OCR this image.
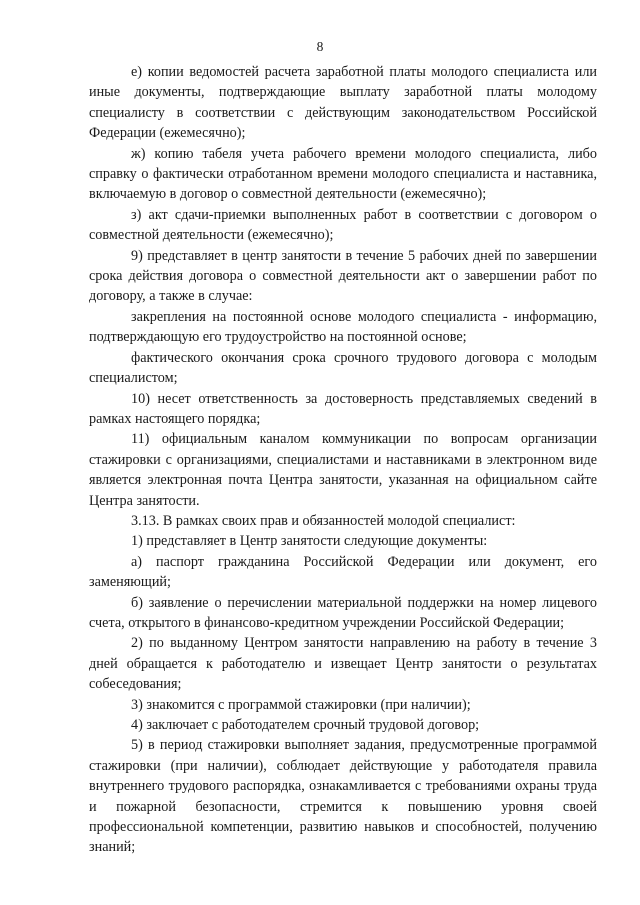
8

е) копии ведомостей расчета заработной платы молодого специалиста или иные документы, подтверждающие выплату заработной платы молодому специалисту в соответствии с действующим законодательством Российской Федерации (ежемесячно);

ж) копию табеля учета рабочего времени молодого специалиста, либо справку о фактически отработанном времени молодого специалиста и наставника, включаемую в договор о совместной деятельности (ежемесячно);

з) акт сдачи-приемки выполненных работ в соответствии с договором о совместной деятельности (ежемесячно);

9) представляет в центр занятости в течение 5 рабочих дней по завершении срока действия договора о совместной деятельности акт о завершении работ по договору, а также в случае:

закрепления на постоянной основе молодого специалиста - информацию, подтверждающую его трудоустройство на постоянной основе;

фактического окончания срока срочного трудового договора с молодым специалистом;

10) несет ответственность за достоверность представляемых сведений в рамках настоящего порядка;

11) официальным каналом коммуникации по вопросам организации стажировки с организациями, специалистами и наставниками в электронном виде является электронная почта Центра занятости, указанная на официальном сайте Центра занятости.

3.13. В рамках своих прав и обязанностей молодой специалист:

1) представляет в Центр занятости следующие документы:

а) паспорт гражданина Российской Федерации или документ, его заменяющий;

б) заявление о перечислении материальной поддержки на номер лицевого счета, открытого в финансово-кредитном учреждении Российской Федерации;

2) по выданному Центром занятости направлению на работу в течение 3 дней обращается к работодателю и извещает Центр занятости о результатах собеседования;

3) знакомится с программой стажировки (при наличии);

4) заключает с работодателем срочный трудовой договор;

5) в период стажировки выполняет задания, предусмотренные программой стажировки (при наличии), соблюдает действующие у работодателя правила внутреннего трудового распорядка, ознакамливается с требованиями охраны труда и пожарной безопасности, стремится к повышению уровня своей профессиональной компетенции, развитию навыков и способностей, получению знаний;
